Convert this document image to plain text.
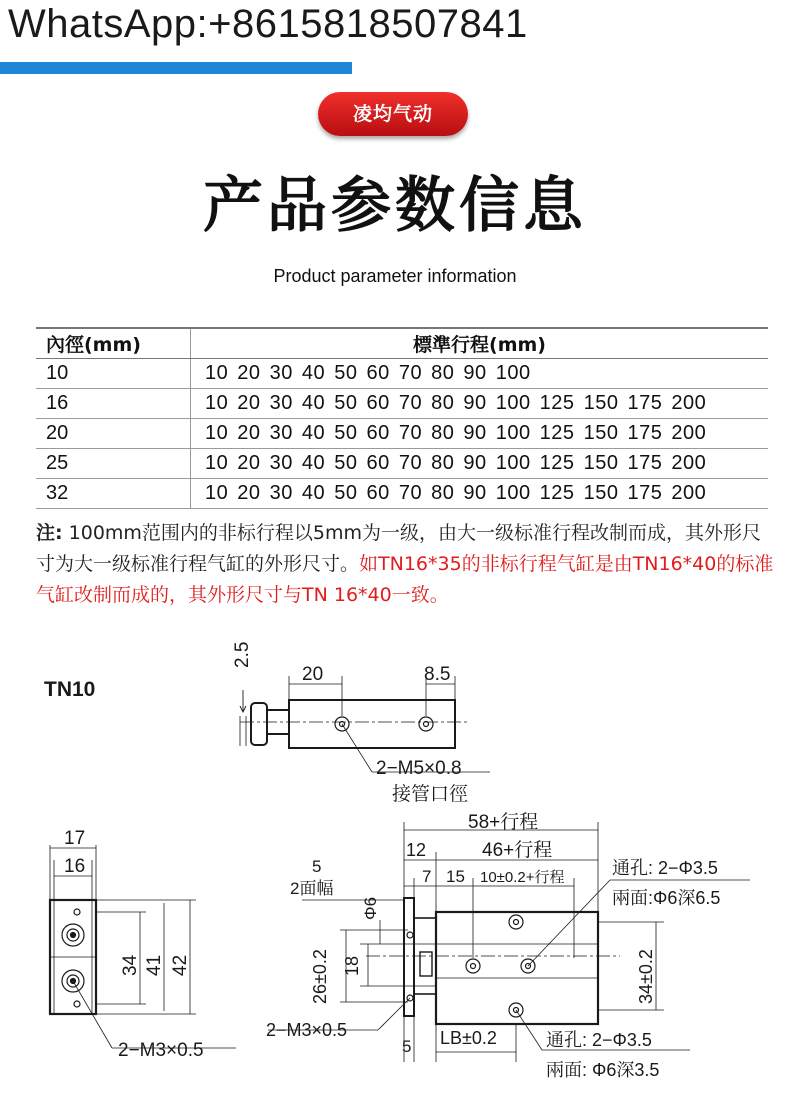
WhatsApp:+8615818507841
凌均气动
产品参数信息
Product parameter information
內徑(mm)	標準行程(mm)
10	10 20 30 40 50 60 70 80 90 100
16	10 20 30 40 50 60 70 80 90 100 125 150 175 200
20	10 20 30 40 50 60 70 80 90 100 125 150 175 200
25	10 20 30 40 50 60 70 80 90 100 125 150 175 200
32	10 20 30 40 50 60 70 80 90 100 125 150 175 200
注: 100mm范围内的非标行程以5mm为一级，由大一级标准行程改制而成，其外形尺寸为大一级标准行程气缸的外形尺寸。如TN16*35的非标行程气缸是由TN16*40的标准气缸改制而成的，其外形尺寸与TN 16*40一致。
TN10
2.5
20	8.5
2−M5×0.8
接管口徑
17
16
34 41 42
2−M3×0.5
58+行程
12	46+行程
7 15 10±0.2+行程
5
2面幅
Φ6
26±0.2 18	34±0.2
2−M3×0.5
5 LB±0.2
通孔: 2−Φ3.5
兩面:Φ6深6.5
通孔: 2−Φ3.5
兩面: Φ6深3.5
